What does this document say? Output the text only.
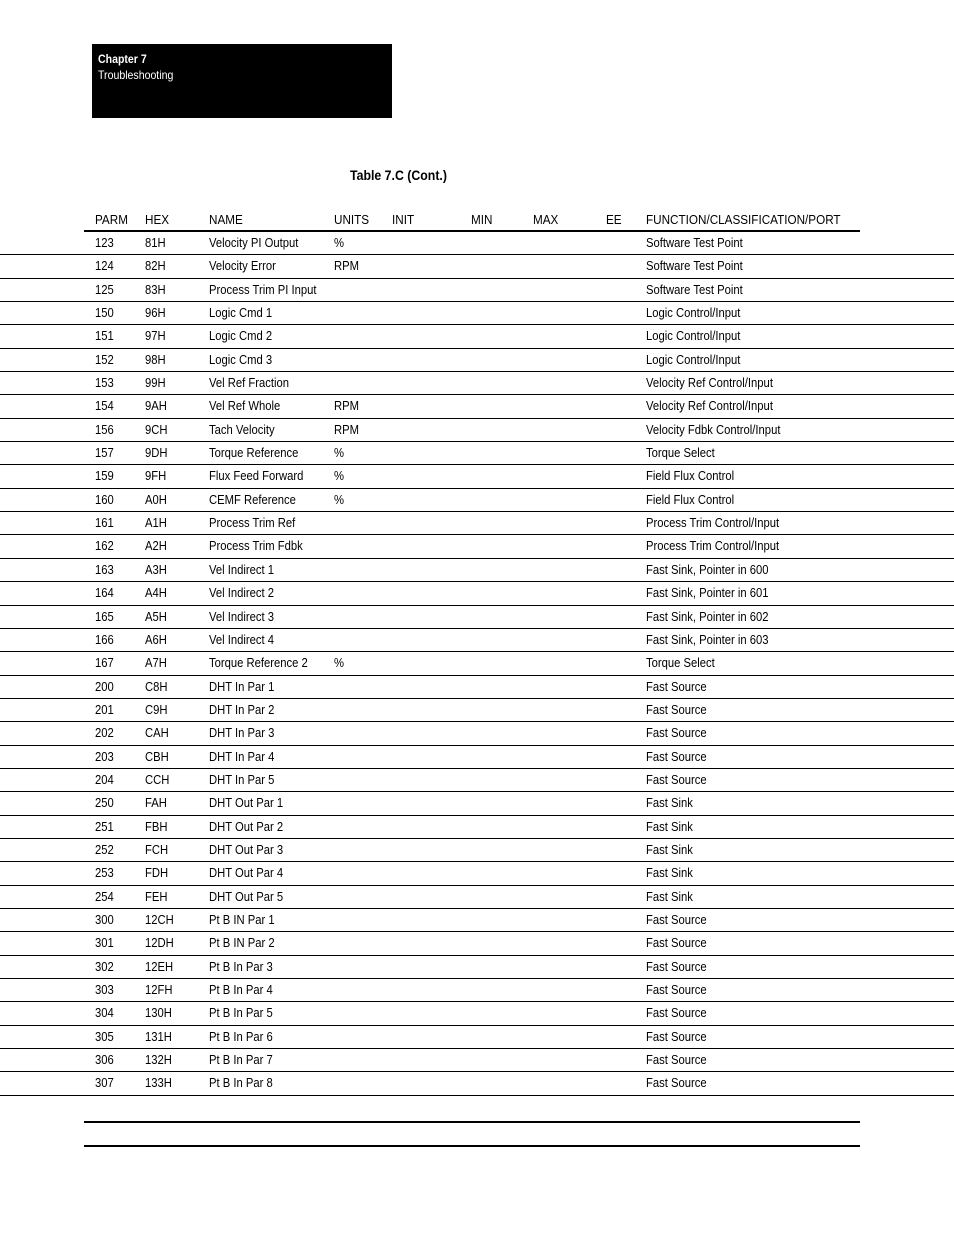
Chapter 7
Troubleshooting
Table 7.C (Cont.)
PARM HEX	NAME	UNITS INIT	MIN	MAX	EE FUNCTION/CLASSIFICATION/PORT
123 81H	Velocity PI Output	%	Software Test Point
124 82H	Velocity Error	RPM	Software Test Point
125 83H	Process Trim PI Input	Software Test Point
150 96H	Logic Cmd 1	Logic Control/Input
151 97H	Logic Cmd 2	Logic Control/Input
152 98H	Logic Cmd 3	Logic Control/Input
153 99H	Vel Ref Fraction	Velocity Ref Control/Input
154 9AH	Vel Ref Whole	RPM	Velocity Ref Control/Input
156 9CH	Tach Velocity	RPM	Velocity Fdbk Control/Input
157 9DH	Torque Reference	%	Torque Select
159 9FH	Flux Feed Forward %	Field Flux Control
160 A0H	CEMF Reference	%	Field Flux Control
161 A1H	Process Trim Ref	Process Trim Control/Input
162 A2H	Process Trim Fdbk	Process Trim Control/Input
163 A3H	Vel Indirect 1	Fast Sink, Pointer in 600
164 A4H	Vel Indirect 2	Fast Sink, Pointer in 601
165 A5H	Vel Indirect 3	Fast Sink, Pointer in 602
166 A6H	Vel Indirect 4	Fast Sink, Pointer in 603
167 A7H	Torque Reference 2 %	Torque Select
200 C8H	DHT In Par 1	Fast Source
201 C9H	DHT In Par 2	Fast Source
202 CAH	DHT In Par 3	Fast Source
203 CBH	DHT In Par 4	Fast Source
204 CCH	DHT In Par 5	Fast Source
250 FAH	DHT Out Par 1	Fast Sink
251 FBH	DHT Out Par 2	Fast Sink
252 FCH	DHT Out Par 3	Fast Sink
253 FDH	DHT Out Par 4	Fast Sink
254 FEH	DHT Out Par 5	Fast Sink
300 12CH	Pt B IN Par 1	Fast Source
301 12DH	Pt B IN Par 2	Fast Source
302 12EH	Pt B In Par 3	Fast Source
303 12FH	Pt B In Par 4	Fast Source
304 130H	Pt B In Par 5	Fast Source
305 131H	Pt B In Par 6	Fast Source
306 132H	Pt B In Par 7	Fast Source
307 133H	Pt B In Par 8	Fast Source
